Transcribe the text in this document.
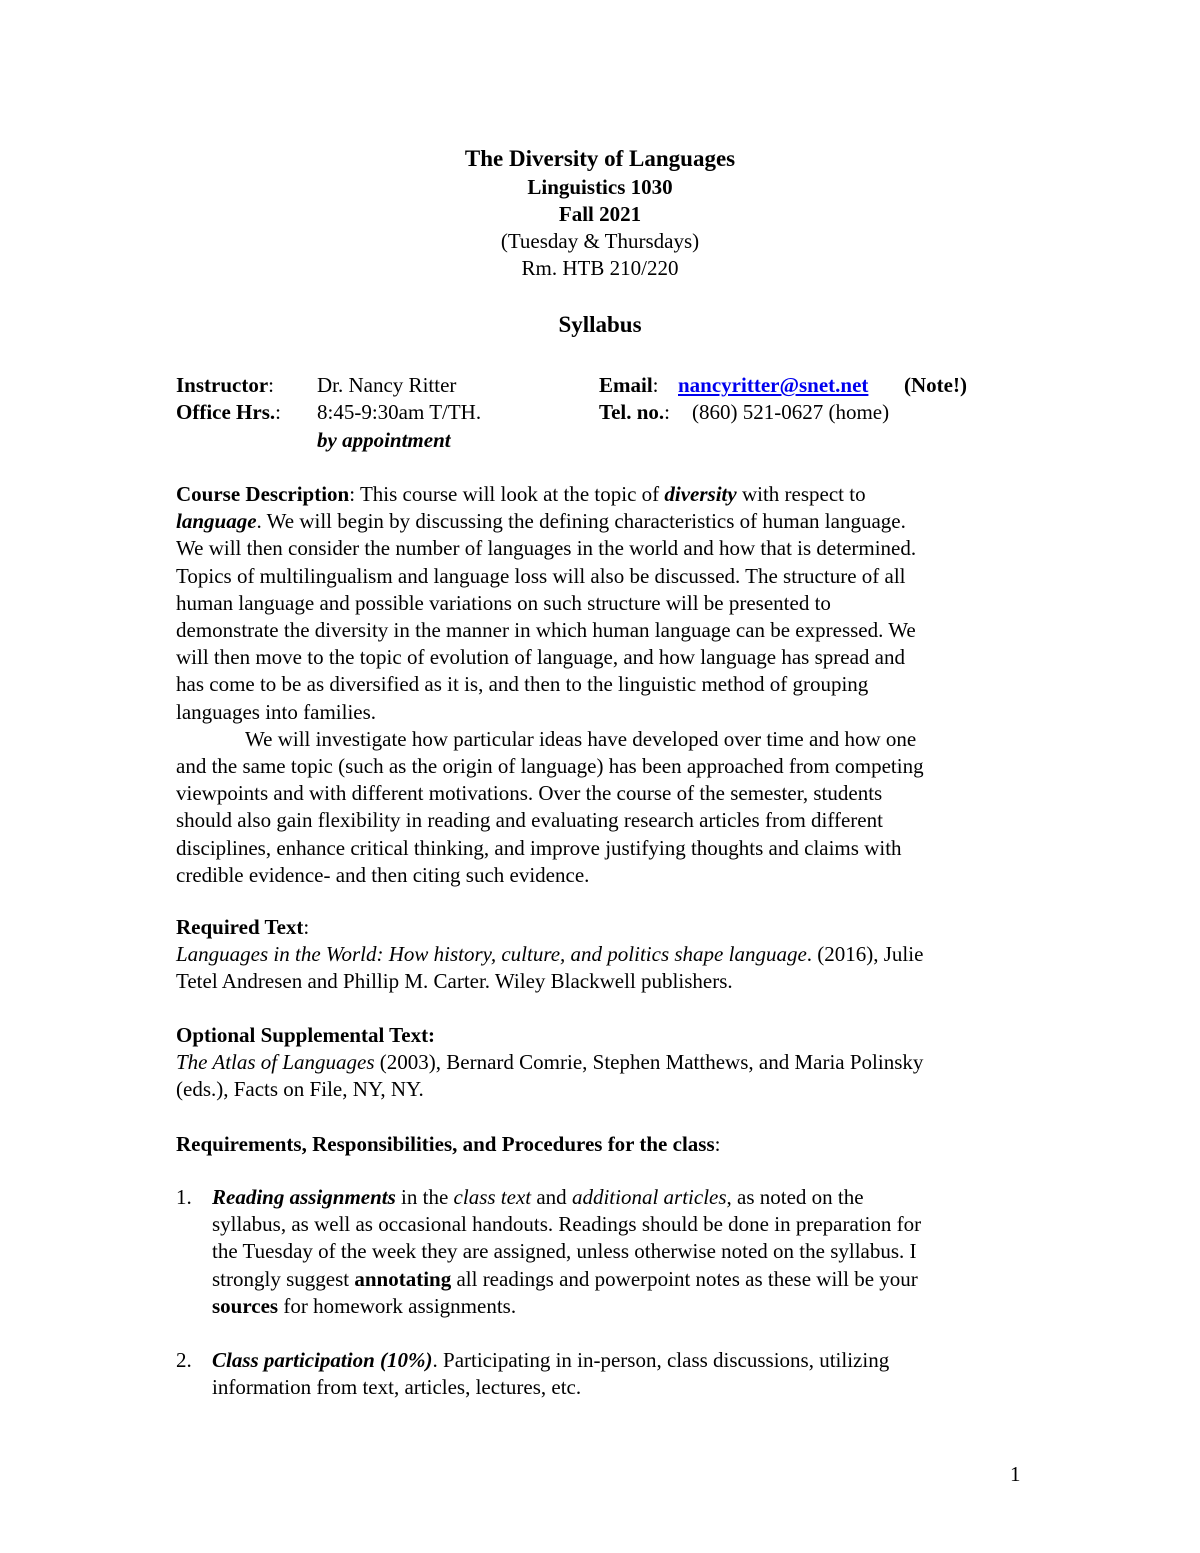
The Diversity of Languages
Linguistics 1030
Fall 2021
(Tuesday & Thursdays)
Rm. HTB 210/220
Syllabus
Instructor: Dr. Nancy Ritter	Email: nancyritter@snet.net (Note!)
Office Hrs.: 8:45-9:30am T/TH.	Tel. no.: (860) 521-0627 (home)
by appointment
Course Description: This course will look at the topic of diversity with respect to
language. We will begin by discussing the defining characteristics of human language.
We will then consider the number of languages in the world and how that is determined.
Topics of multilingualism and language loss will also be discussed. The structure of all
human language and possible variations on such structure will be presented to
demonstrate the diversity in the manner in which human language can be expressed. We
will then move to the topic of evolution of language, and how language has spread and
has come to be as diversified as it is, and then to the linguistic method of grouping
languages into families.
We will investigate how particular ideas have developed over time and how one
and the same topic (such as the origin of language) has been approached from competing
viewpoints and with different motivations. Over the course of the semester, students
should also gain flexibility in reading and evaluating research articles from different
disciplines, enhance critical thinking, and improve justifying thoughts and claims with
credible evidence- and then citing such evidence.
Required Text:
Languages in the World: How history, culture, and politics shape language. (2016), Julie
Tetel Andresen and Phillip M. Carter. Wiley Blackwell publishers.
Optional Supplemental Text:
The Atlas of Languages (2003), Bernard Comrie, Stephen Matthews, and Maria Polinsky
(eds.), Facts on File, NY, NY.
Requirements, Responsibilities, and Procedures for the class:
1. Reading assignments in the class text and additional articles, as noted on the
syllabus, as well as occasional handouts. Readings should be done in preparation for
the Tuesday of the week they are assigned, unless otherwise noted on the syllabus. I
strongly suggest annotating all readings and powerpoint notes as these will be your
sources for homework assignments.
2. Class participation (10%). Participating in in-person, class discussions, utilizing
information from text, articles, lectures, etc.
1
